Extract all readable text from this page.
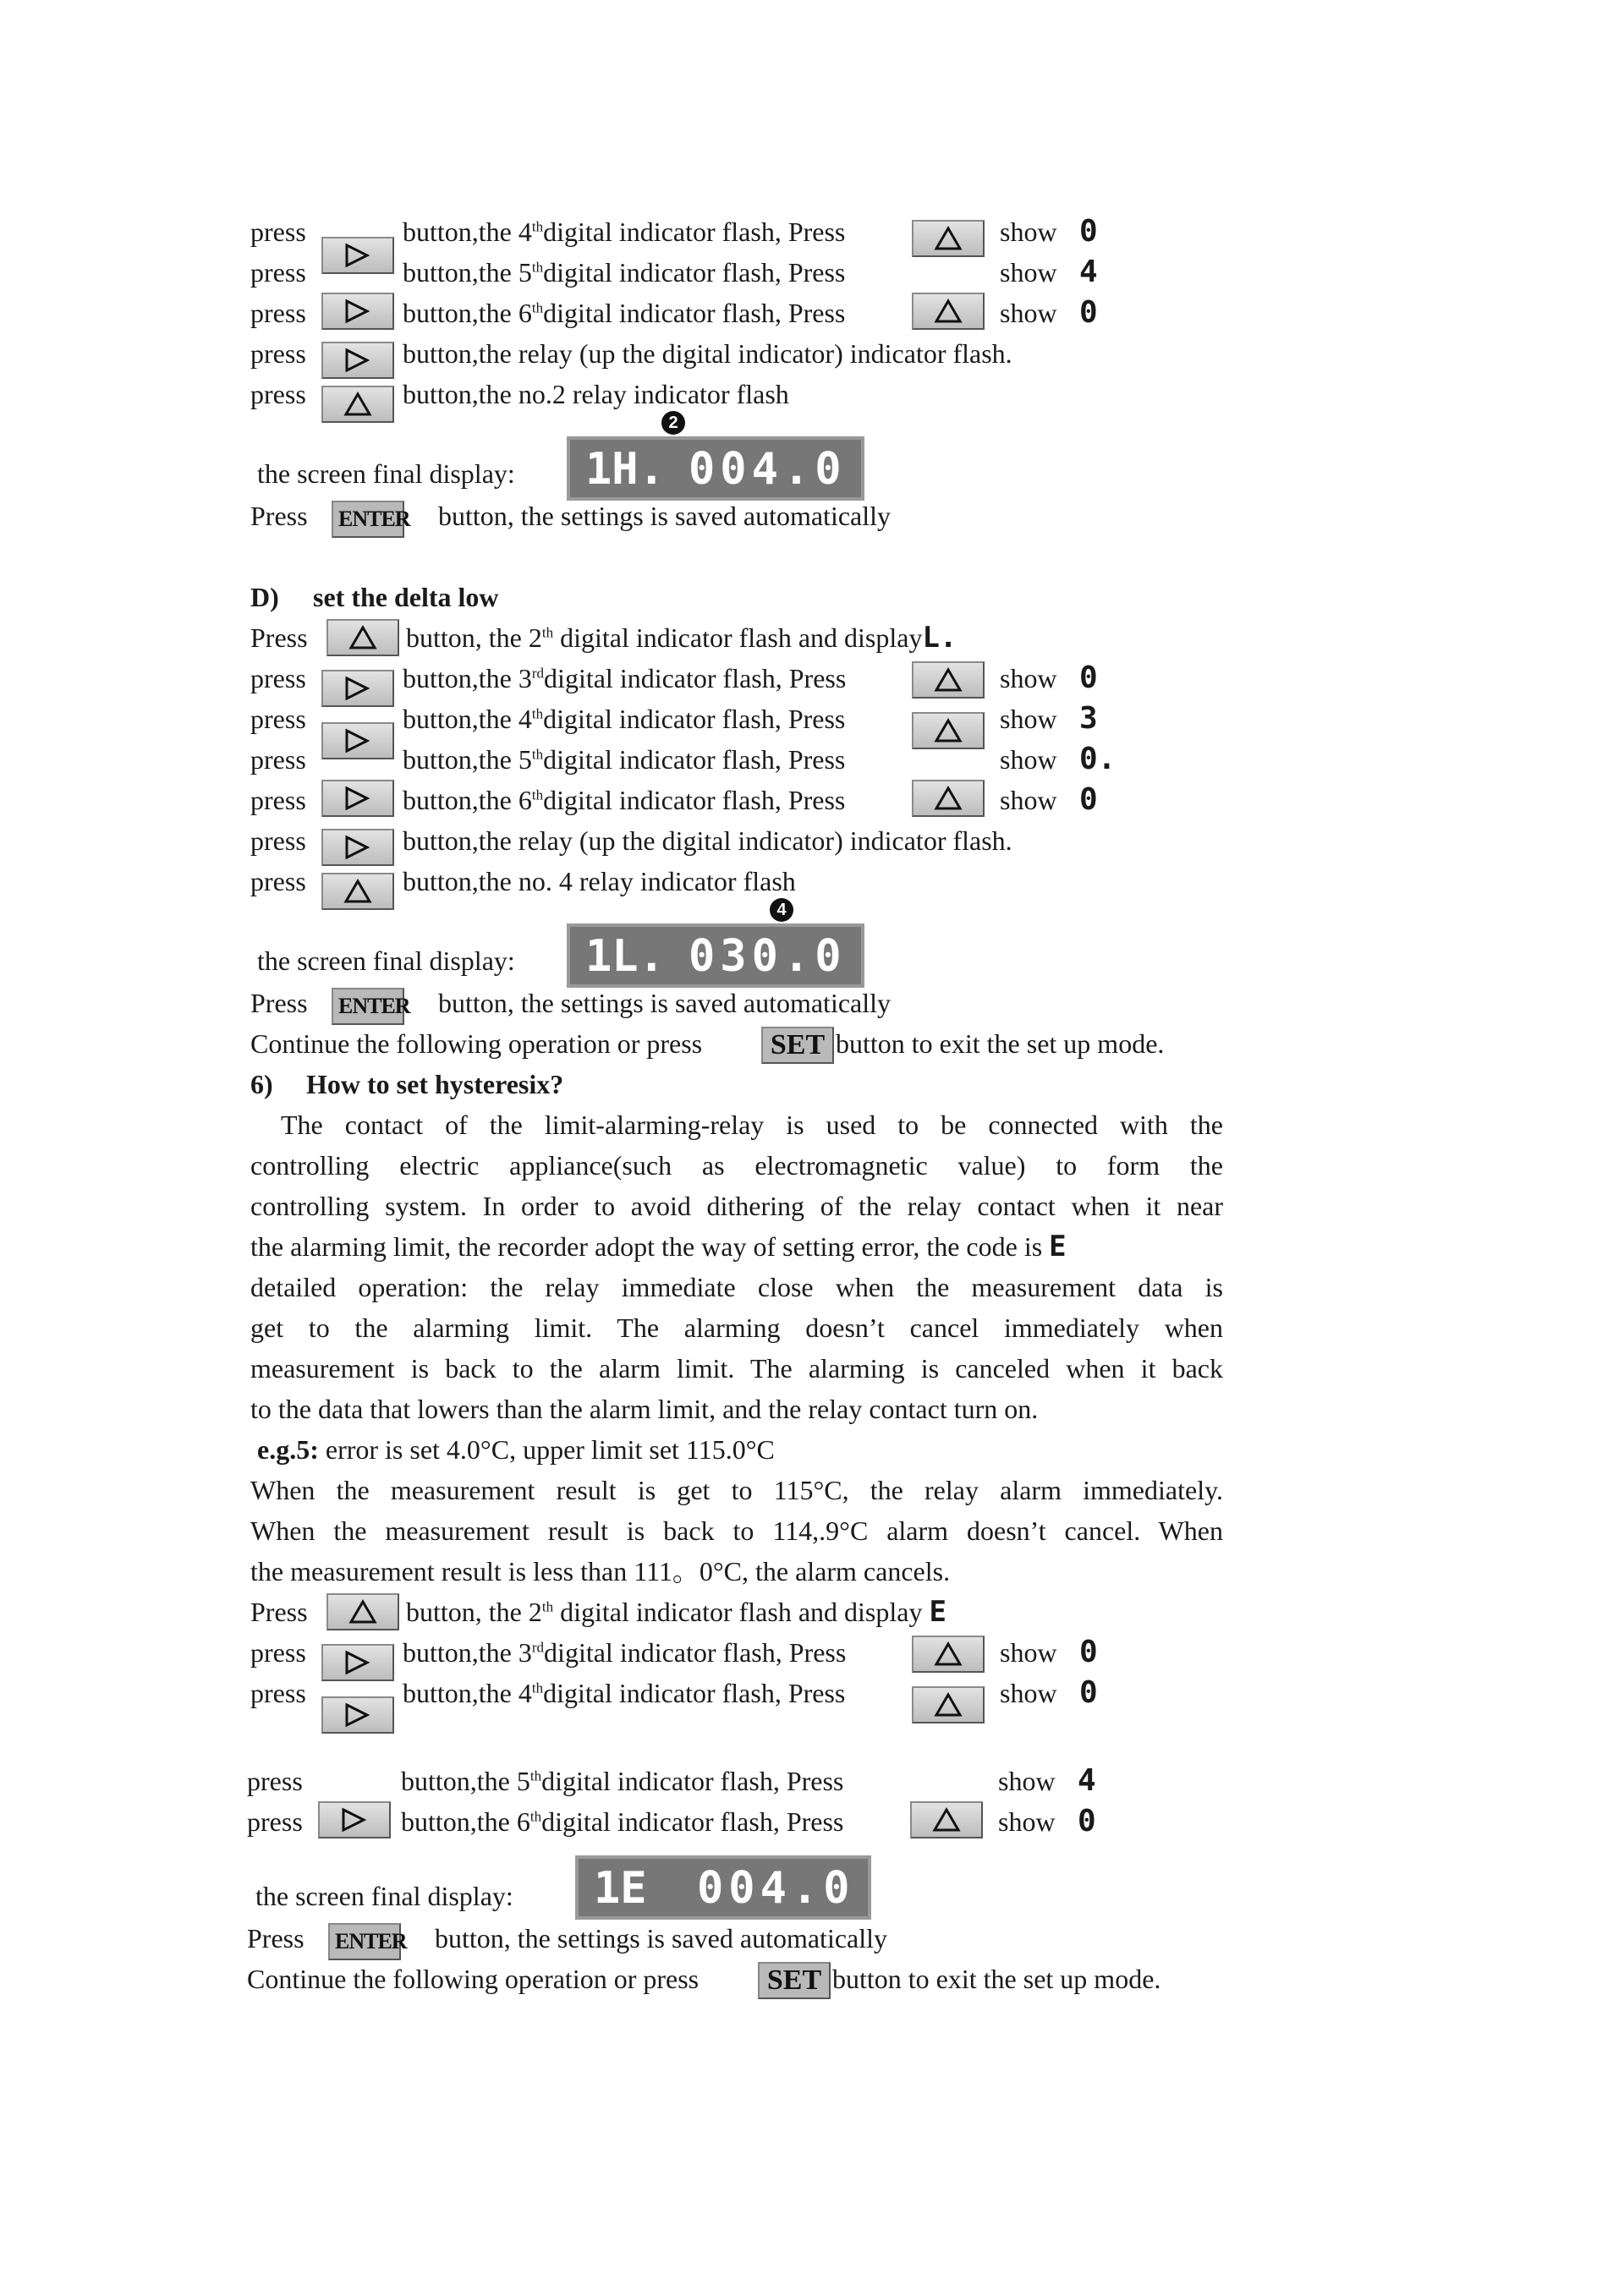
press	button,the 4thdigital indicator flash, Press	show 0
press	button,the 5thdigital indicator flash, Press	show 4
press	button,the 6thdigital indicator flash, Press	show 0
press	button,the relay (up the digital indicator) indicator flash.
press	button,the no.2 relay indicator flash
2
the screen final display: 1H. 004.0
Press	ENTER button, the settings is saved automatically
D) set the delta low
Press	button, the 2th digital indicator flash and displayL.
press	button,the 3rddigital indicator flash, Press	show 0
press	button,the 4thdigital indicator flash, Press	show 3
press	button,the 5thdigital indicator flash, Press	show 0.
press	button,the 6thdigital indicator flash, Press	show 0
press	button,the relay (up the digital indicator) indicator flash.
press	button,the no. 4 relay indicator flash
4
the screen final display: 1L. 030.0
Press	ENTER button, the settings is saved automatically
Continue the following operation or press	SET button to exit the set up mode.
6) How to set hysteresix?
The contact of the limit-alarming-relay is used to be connected with the
controlling electric appliance(such as electromagnetic value) to form the
controlling system. In order to avoid dithering of the relay contact when it near
the alarming limit, the recorder adopt the way of setting error, the code is E
detailed operation: the relay immediate close when the measurement data is
get to the alarming limit. The alarming doesn’t cancel immediately when
measurement is back to the alarm limit. The alarming is canceled when it back
to the data that lowers than the alarm limit, and the relay contact turn on.
e.g.5: error is set 4.0°C, upper limit set 115.0°C
When the measurement result is get to 115°C, the relay alarm immediately.
When the measurement result is back to 114,.9°C alarm doesn’t cancel. When
the measurement result is less than 111。0°C, the alarm cancels.
Press	button, the 2th digital indicator flash and display E
press	button,the 3rddigital indicator flash, Press	show 0
press	button,the 4thdigital indicator flash, Press	show 0
press	button,the 5thdigital indicator flash, Press	show 4
press	button,the 6thdigital indicator flash, Press	show 0
the screen final display: 1E 004.0
Press	ENTER button, the settings is saved automatically
Continue the following operation or press	SET button to exit the set up mode.
